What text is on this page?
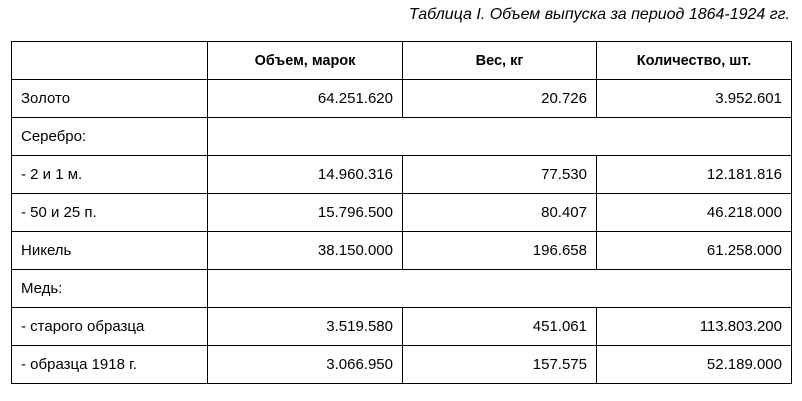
Таблица I. Объем выпуска за период 1864-1924 гг.
	Объем, марок	Вес, кг	Количество, шт.
Золото	64.251.620	20.726	3.952.601
Серебро:			
- 2 и 1 м.	14.960.316	77.530	12.181.816
- 50 и 25 п.	15.796.500	80.407	46.218.000
Никель	38.150.000	196.658	61.258.000
Медь:			
- старого образца	3.519.580	451.061	113.803.200
- образца 1918 г.	3.066.950	157.575	52.189.000
